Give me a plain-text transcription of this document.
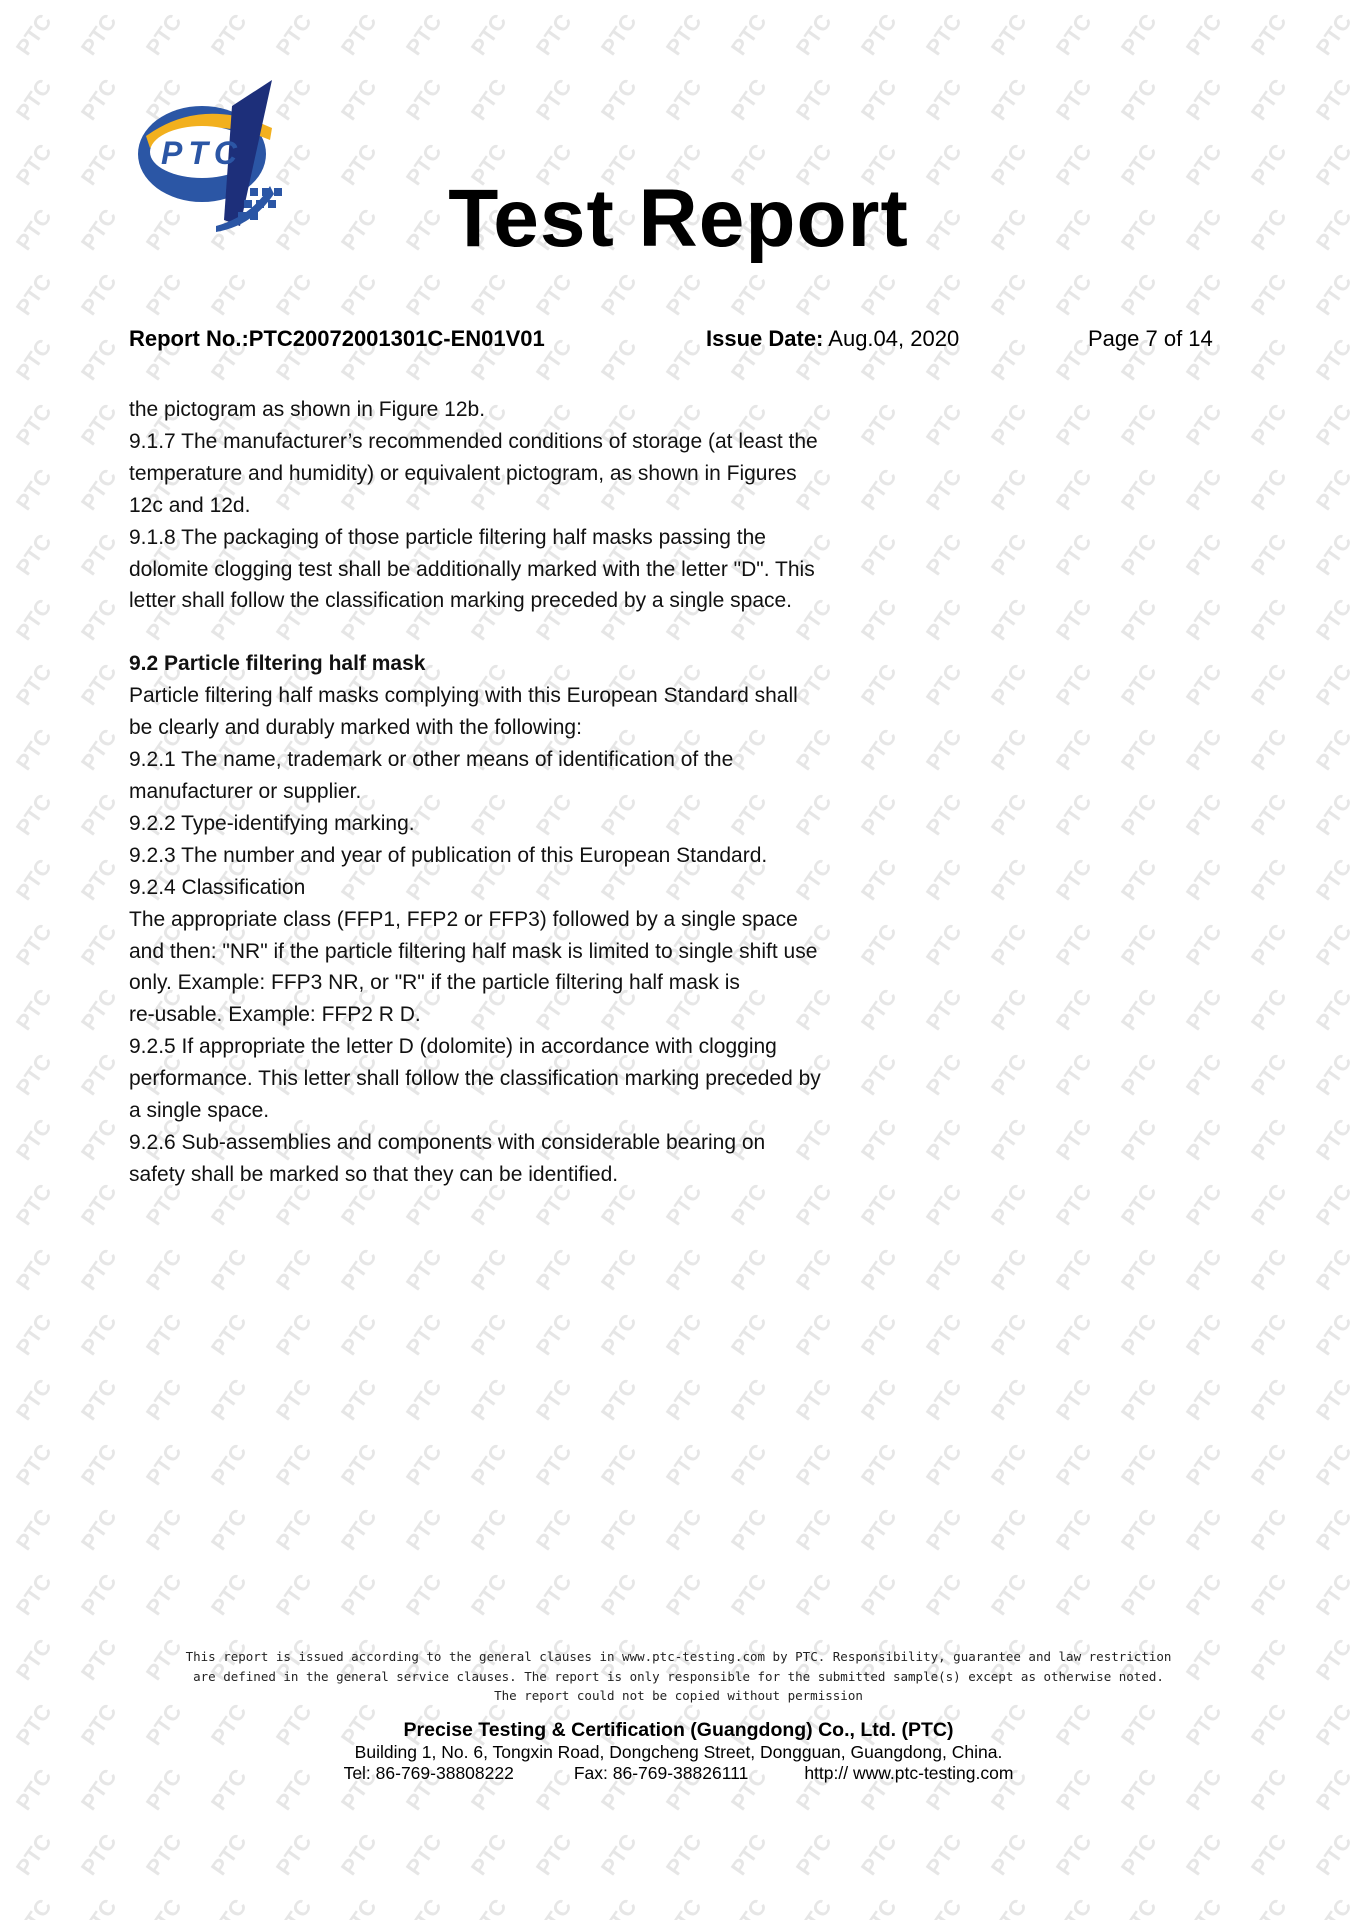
PTC
Test Report
Report No.:PTC20072001301C-EN01V01	Issue Date: Aug.04, 2020	Page 7 of 14

the pictogram as shown in Figure 12b.

9.1.7 The manufacturer’s recommended conditions of storage (at least the

temperature and humidity) or equivalent pictogram, as shown in Figures

12c and 12d.

9.1.8 The packaging of those particle filtering half masks passing the

dolomite clogging test shall be additionally marked with the letter "D". This

letter shall follow the classification marking preceded by a single space.

9.2 Particle filtering half mask

Particle filtering half masks complying with this European Standard shall

be clearly and durably marked with the following:

9.2.1 The name, trademark or other means of identification of the

manufacturer or supplier.

9.2.2 Type-identifying marking.

9.2.3 The number and year of publication of this European Standard.

9.2.4 Classification

The appropriate class (FFP1, FFP2 or FFP3) followed by a single space

and then: "NR" if the particle filtering half mask is limited to single shift use

only. Example: FFP3 NR, or "R" if the particle filtering half mask is

re-usable. Example: FFP2 R D.

9.2.5 If appropriate the letter D (dolomite) in accordance with clogging

performance. This letter shall follow the classification marking preceded by

a single space.

9.2.6 Sub-assemblies and components with considerable bearing on

safety shall be marked so that they can be identified.

This report is issued according to the general clauses in www.ptc-testing.com by PTC. Responsibility, guarantee and law restriction

are defined in the general service clauses. The report is only responsible for the submitted sample(s) except as otherwise noted.

The report could not be copied without permission

Precise Testing & Certification (Guangdong) Co., Ltd. (PTC)
Building 1, No. 6, Tongxin Road, Dongcheng Street, Dongguan, Guangdong, China.
Tel: 86-769-38808222	Fax: 86-769-38826111	http:// www.ptc-testing.com
